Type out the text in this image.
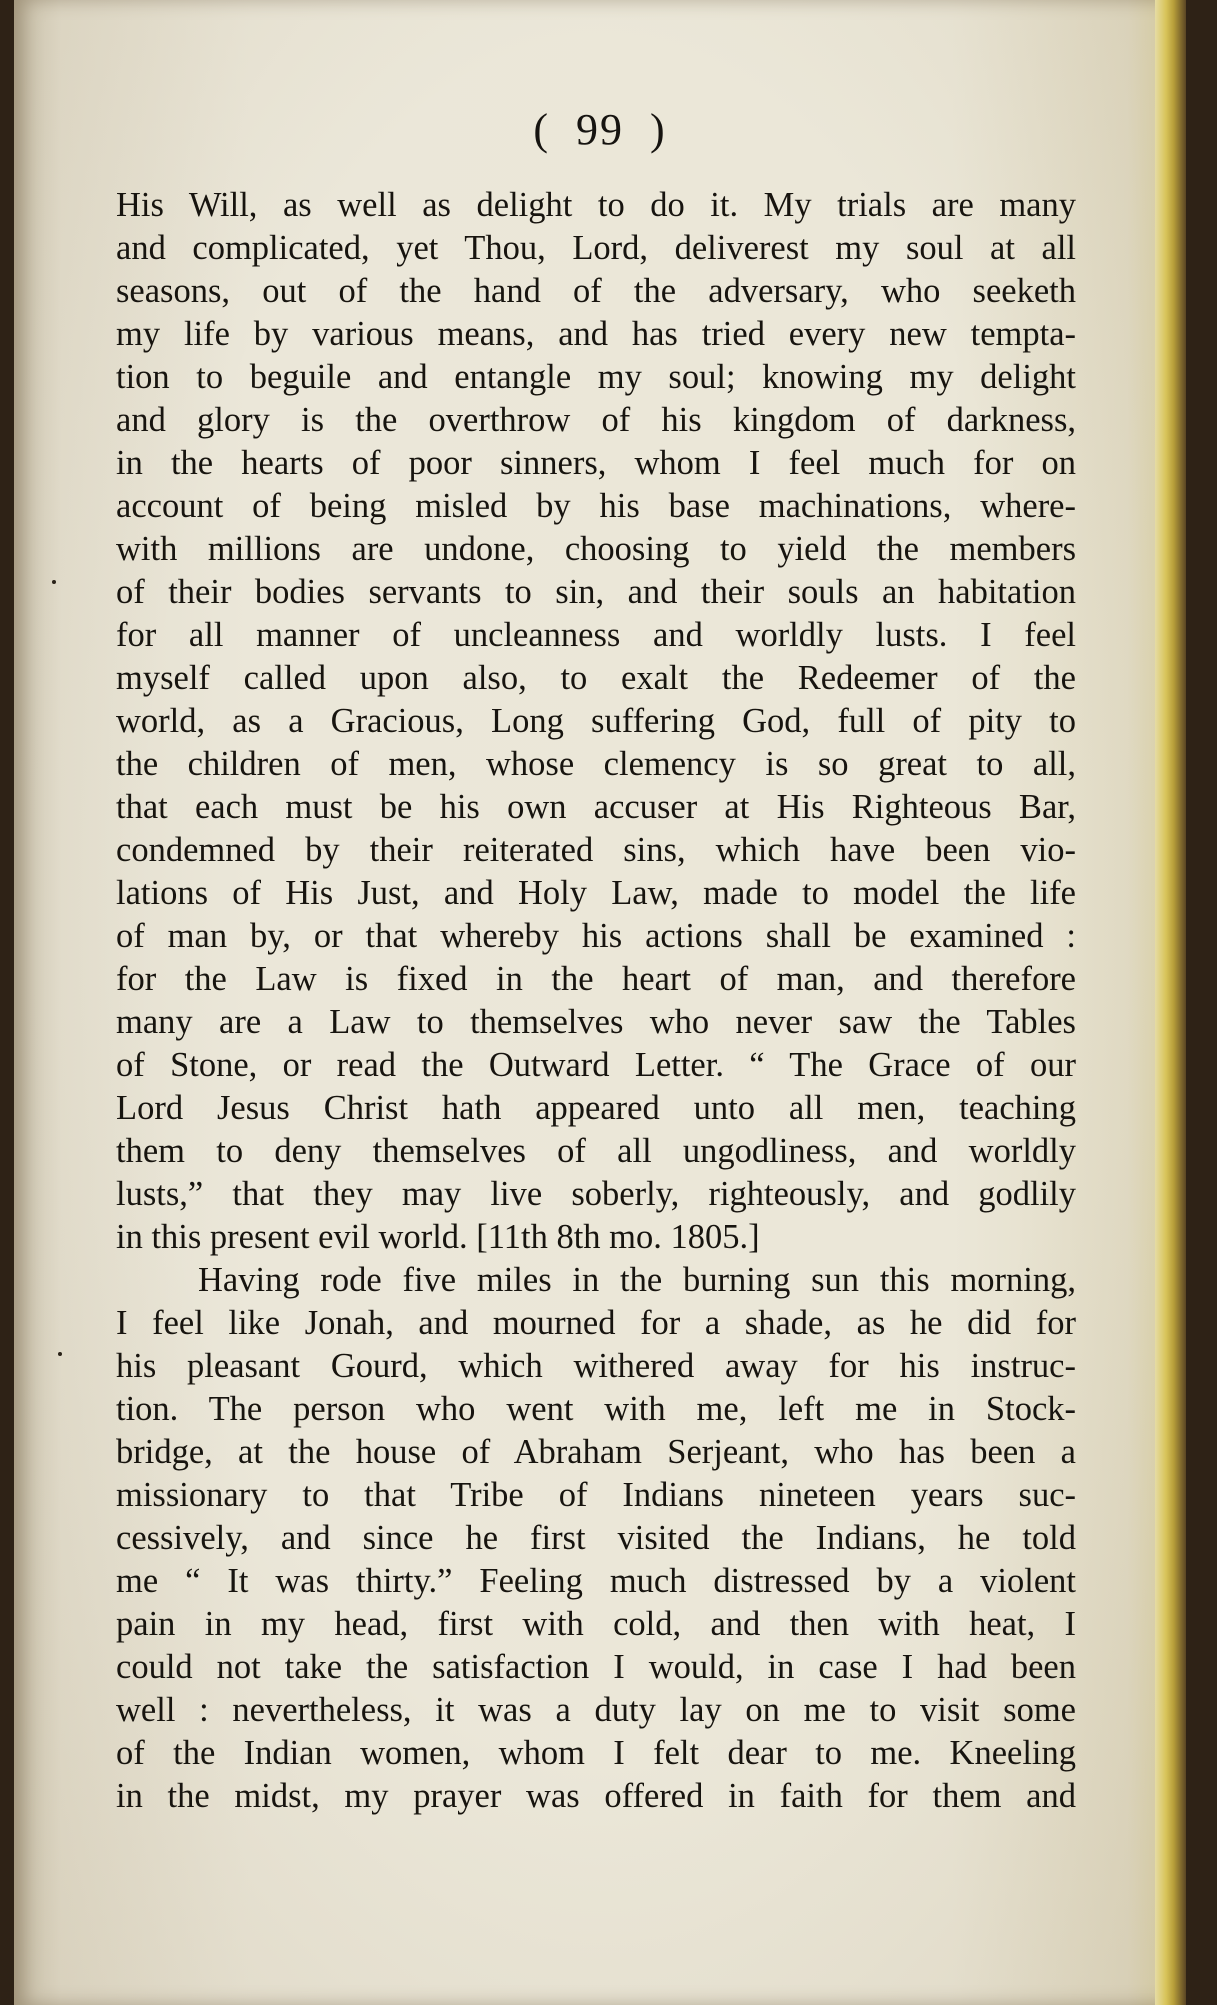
( 99 )
His Will, as well as delight to do it. My trials are many
and complicated, yet Thou, Lord, deliverest my soul at all
seasons, out of the hand of the adversary, who seeketh
my life by various means, and has tried every new tempta-
tion to beguile and entangle my soul; knowing my delight
and glory is the overthrow of his kingdom of darkness,
in the hearts of poor sinners, whom I feel much for on
account of being misled by his base machinations, where-
with millions are undone, choosing to yield the members
of their bodies servants to sin, and their souls an habitation
for all manner of uncleanness and worldly lusts. I feel
myself called upon also, to exalt the Redeemer of the
world, as a Gracious, Long suffering God, full of pity to
the children of men, whose clemency is so great to all,
that each must be his own accuser at His Righteous Bar,
condemned by their reiterated sins, which have been vio-
lations of His Just, and Holy Law, made to model the life
of man by, or that whereby his actions shall be examined :
for the Law is fixed in the heart of man, and therefore
many are a Law to themselves who never saw the Tables
of Stone, or read the Outward Letter. “ The Grace of our
Lord Jesus Christ hath appeared unto all men, teaching
them to deny themselves of all ungodliness, and worldly
lusts,” that they may live soberly, righteously, and godlily
in this present evil world. [11th 8th mo. 1805.]
Having rode five miles in the burning sun this morning,
I feel like Jonah, and mourned for a shade, as he did for
his pleasant Gourd, which withered away for his instruc-
tion. The person who went with me, left me in Stock-
bridge, at the house of Abraham Serjeant, who has been a
missionary to that Tribe of Indians nineteen years suc-
cessively, and since he first visited the Indians, he told
me “ It was thirty.” Feeling much distressed by a violent
pain in my head, first with cold, and then with heat, I
could not take the satisfaction I would, in case I had been
well : nevertheless, it was a duty lay on me to visit some
of the Indian women, whom I felt dear to me. Kneeling
in the midst, my prayer was offered in faith for them and
